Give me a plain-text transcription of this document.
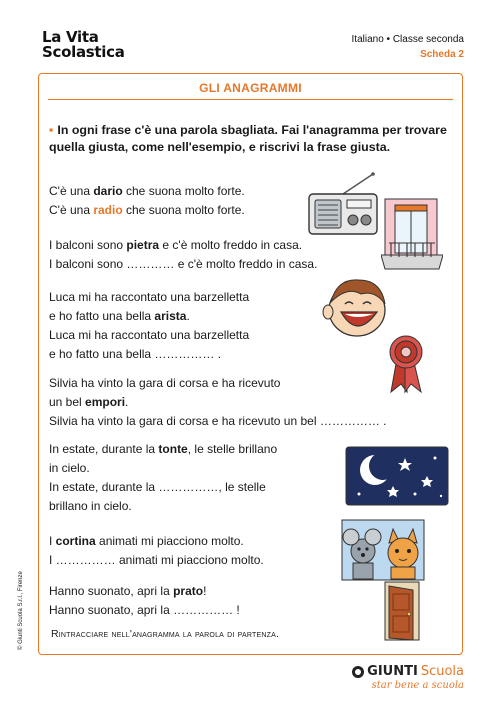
La Vita
Scolastica
Italiano • Classe seconda
Scheda 2
GLI ANAGRAMMI
▪ In ogni frase c'è una parola sbagliata. Fai l'anagramma per trovare quella giusta, come nell'esempio, e riscrivi la frase giusta.
C'è una dario che suona molto forte.
C'è una radio che suona molto forte.
I balconi sono pietra e c'è molto freddo in casa.
I balconi sono ………… e c'è molto freddo in casa.
Luca mi ha raccontato una barzelletta
e ho fatto una bella arista.
Luca mi ha raccontato una barzelletta
e ho fatto una bella …………… .
Silvia ha vinto la gara di corsa e ha ricevuto
un bel empori.
Silvia ha vinto la gara di corsa e ha ricevuto un bel …………… .
In estate, durante la tonte, le stelle brillano
in cielo.
In estate, durante la ……………, le stelle
brillano in cielo.
I cortina animati mi piacciono molto.
I …………… animati mi piacciono molto.
Hanno suonato, apri la prato!
Hanno suonato, apri la …………… !
Rintracciare nell'anagramma la parola di partenza.
© Giunti Scuola S.r.l., Firenze
GIUNTI Scuola
star bene a scuola
